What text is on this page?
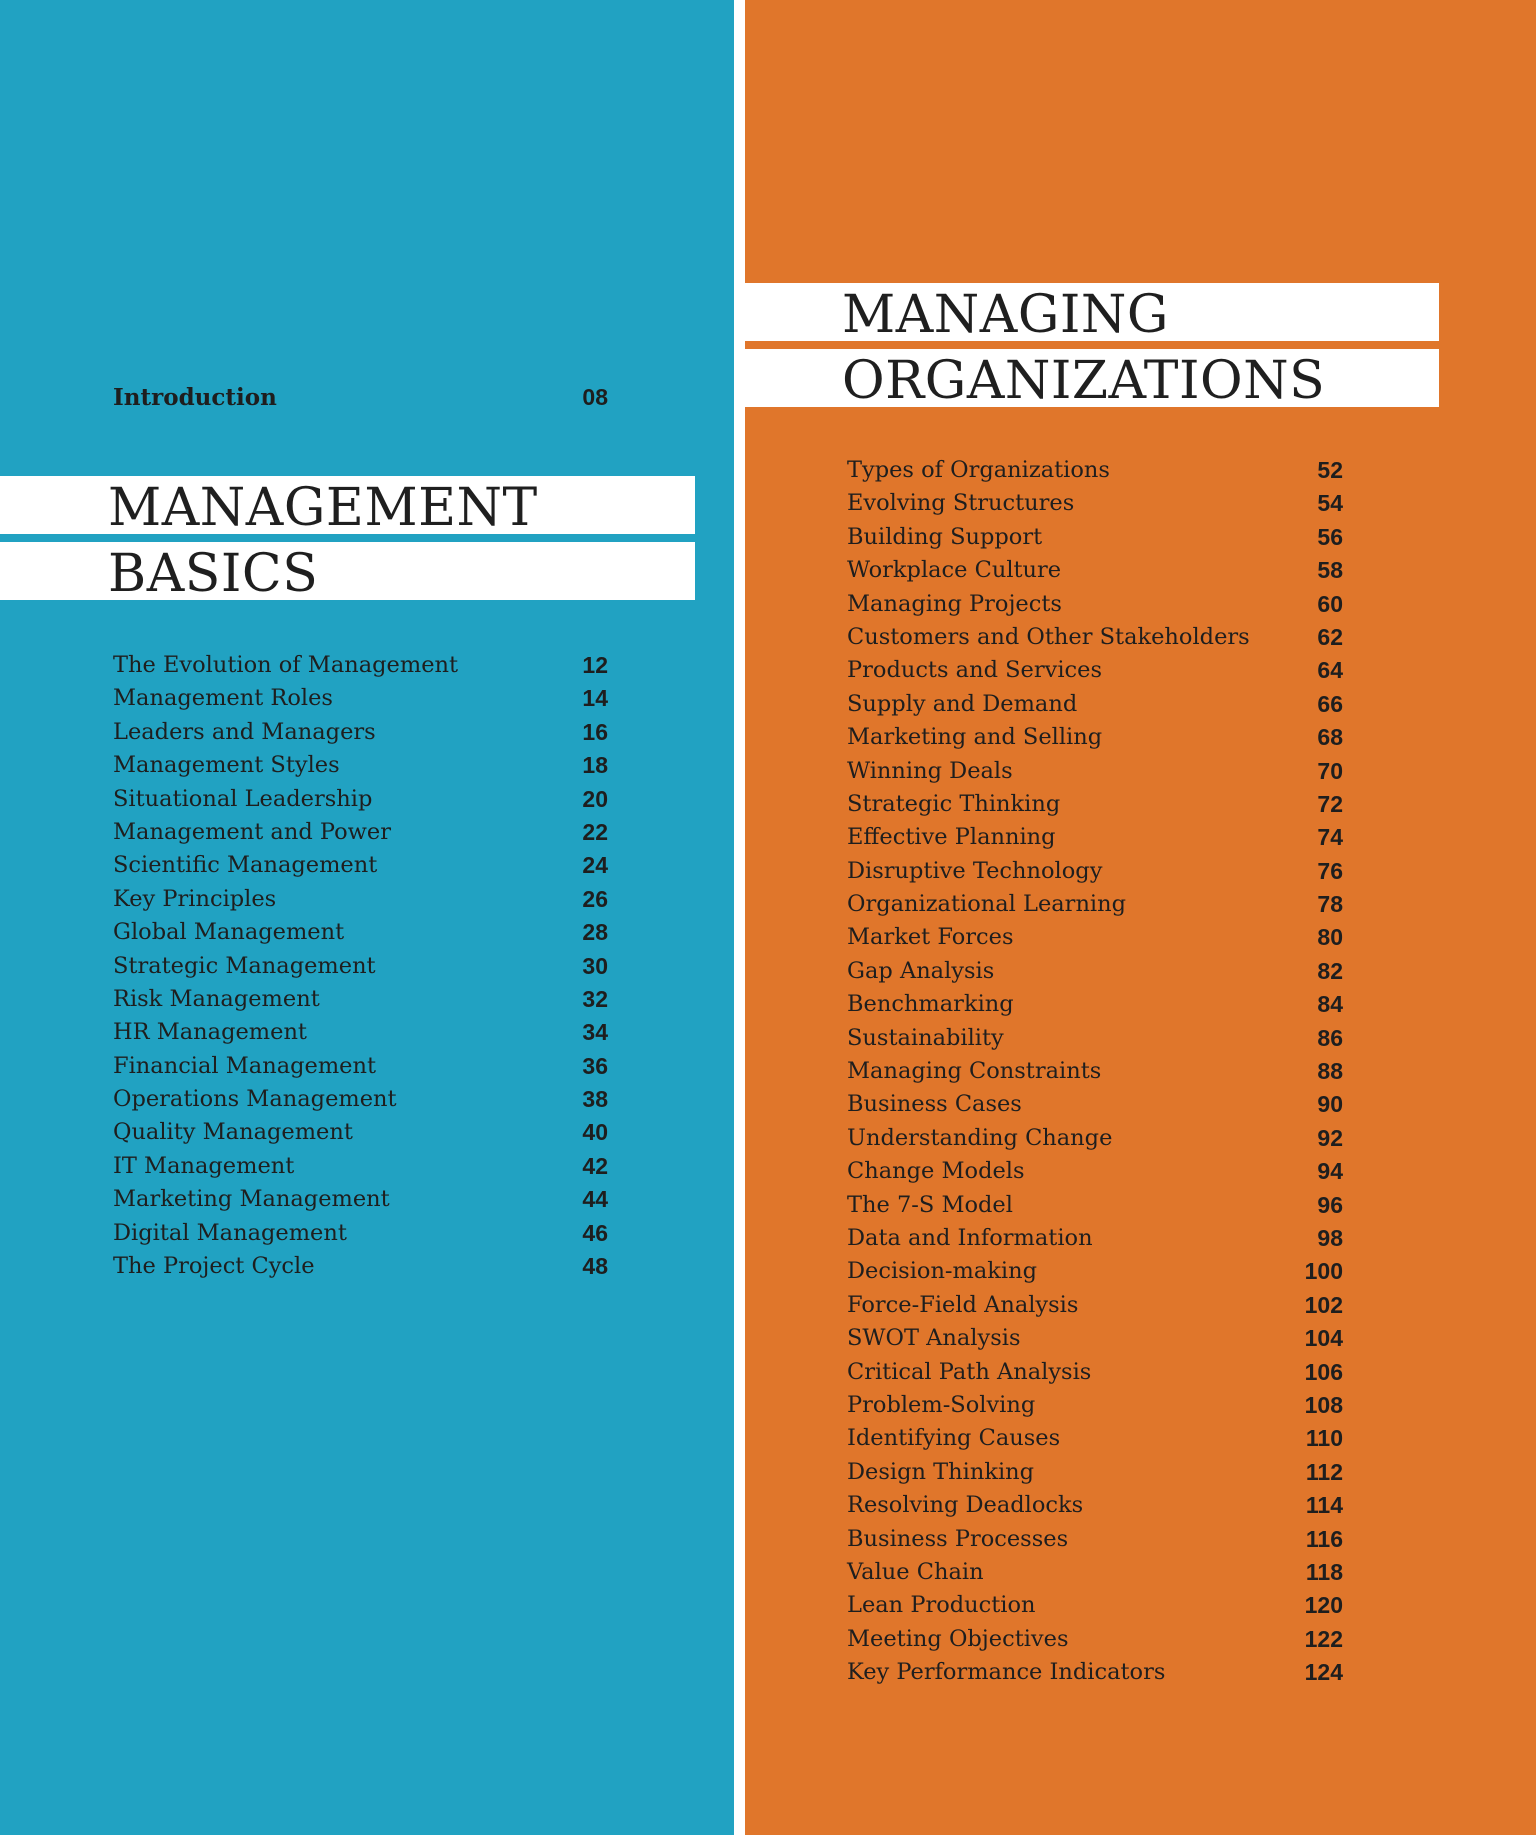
Introduction	08
MANAGEMENT
BASICS
The Evolution of Management	12
Management Roles	14
Leaders and Managers	16
Management Styles	18
Situational Leadership	20
Management and Power	22
Scientific Management	24
Key Principles	26
Global Management	28
Strategic Management	30
Risk Management	32
HR Management	34
Financial Management	36
Operations Management	38
Quality Management	40
IT Management	42
Marketing Management	44
Digital Management	46
The Project Cycle	48
MANAGING
ORGANIZATIONS
Types of Organizations	52
Evolving Structures	54
Building Support	56
Workplace Culture	58
Managing Projects	60
Customers and Other Stakeholders	62
Products and Services	64
Supply and Demand	66
Marketing and Selling	68
Winning Deals	70
Strategic Thinking	72
Effective Planning	74
Disruptive Technology	76
Organizational Learning	78
Market Forces	80
Gap Analysis	82
Benchmarking	84
Sustainability	86
Managing Constraints	88
Business Cases	90
Understanding Change	92
Change Models	94
The 7-S Model	96
Data and Information	98
Decision-making	100
Force-Field Analysis	102
SWOT Analysis	104
Critical Path Analysis	106
Problem-Solving	108
Identifying Causes	110
Design Thinking	112
Resolving Deadlocks	114
Business Processes	116
Value Chain	118
Lean Production	120
Meeting Objectives	122
Key Performance Indicators	124
